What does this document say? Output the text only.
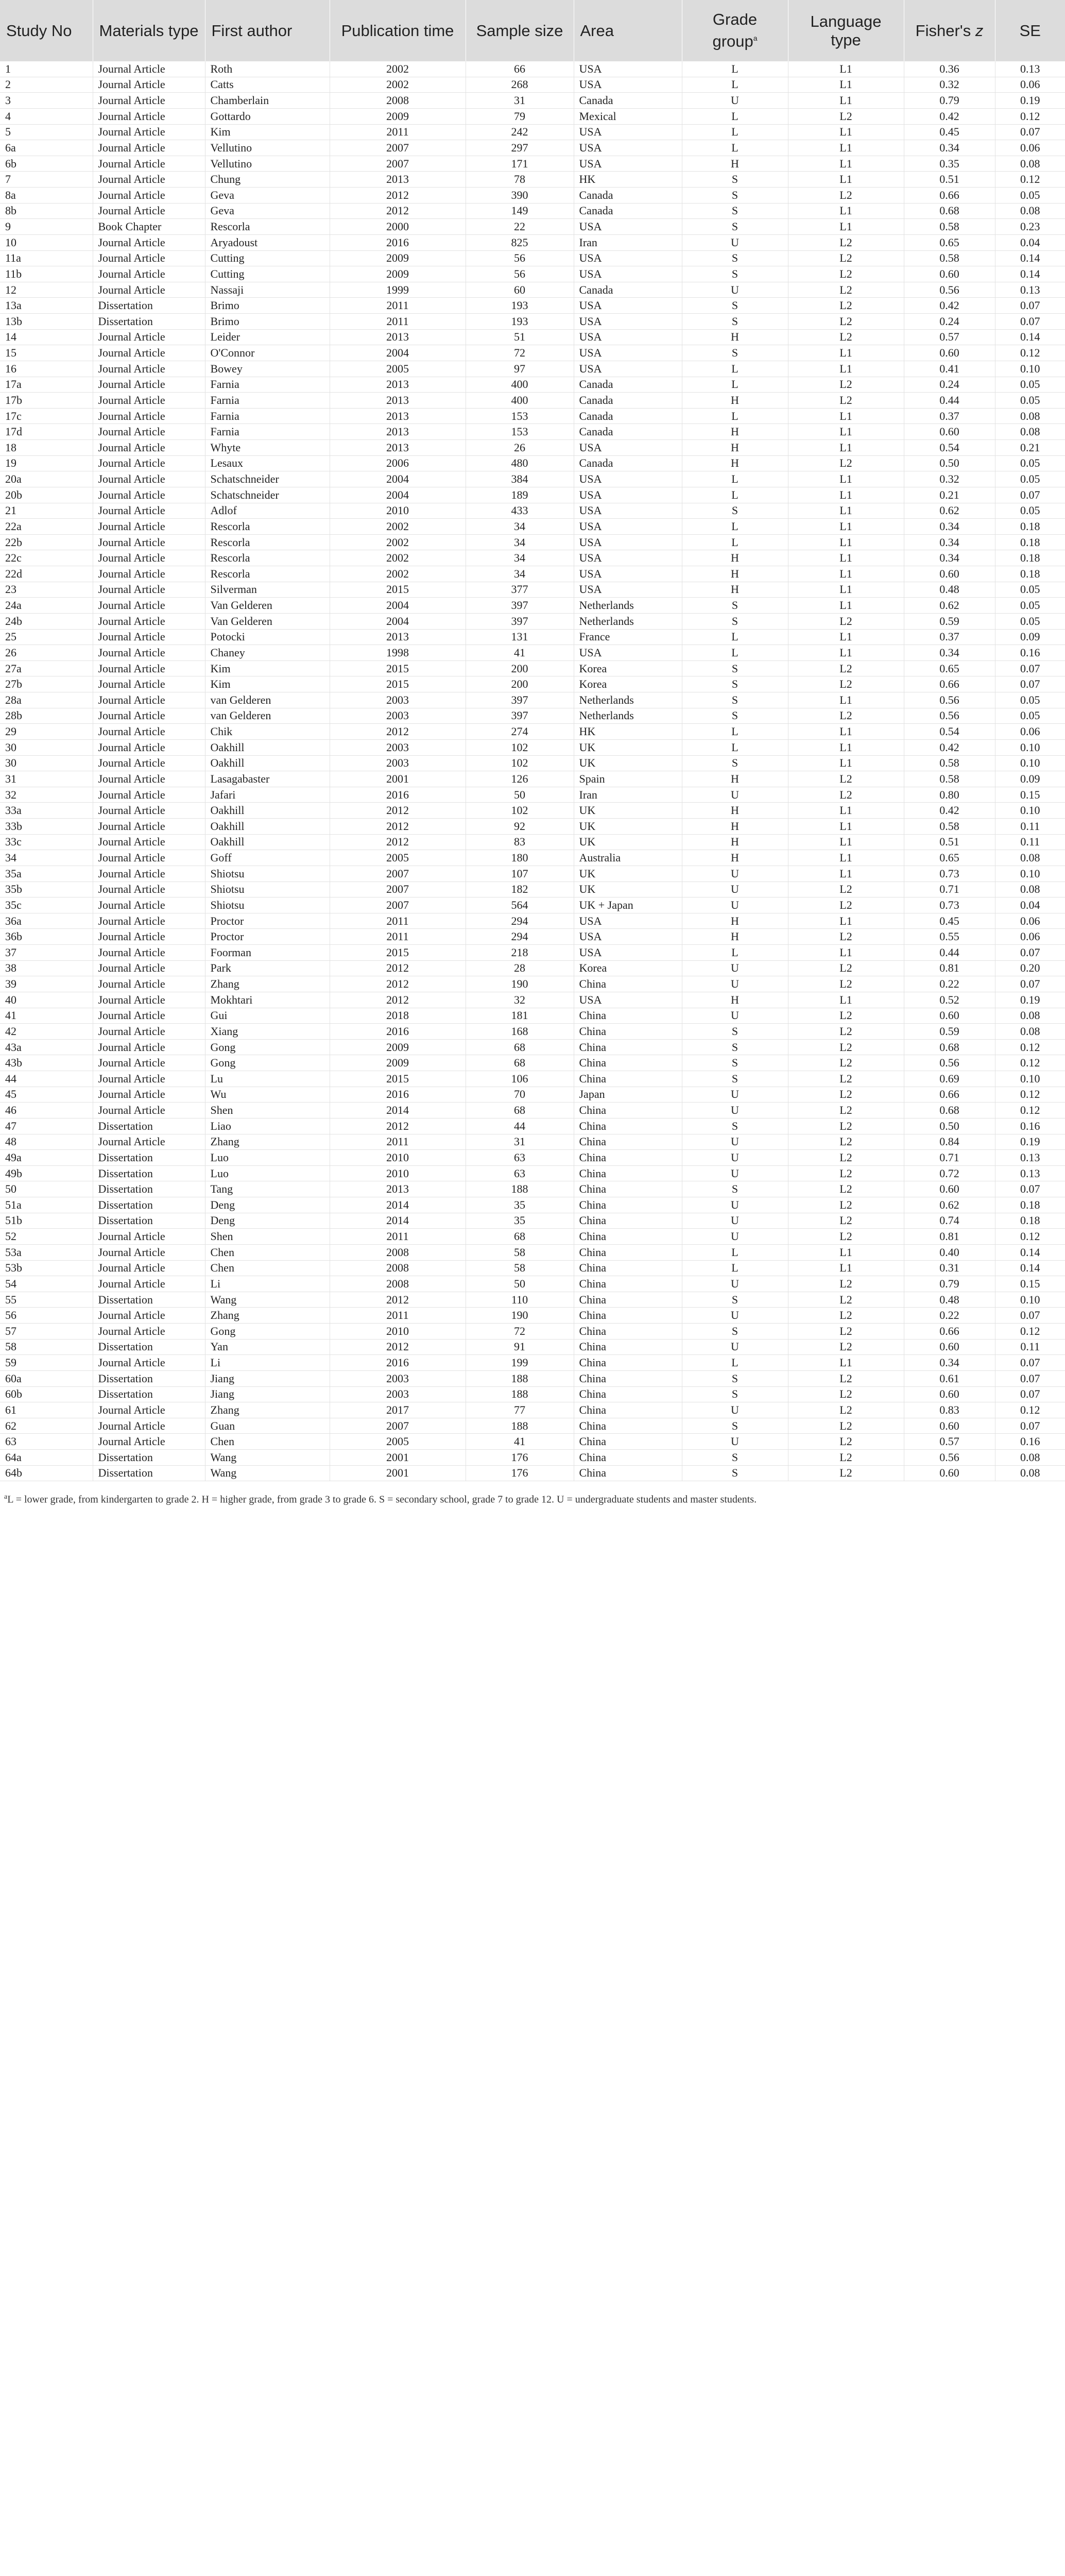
Study No	Materials type	First author	Publication time	Sample size	Area	Grade group$^a$	Language type	Fisher's z	SE
1	Journal Article	Roth	2002	66	USA	L	L1	0.36	0.13
2	Journal Article	Catts	2002	268	USA	L	L1	0.32	0.06
3	Journal Article	Chamberlain	2008	31	Canada	U	L1	0.79	0.19
4	Journal Article	Gottardo	2009	79	Mexical	L	L2	0.42	0.12
5	Journal Article	Kim	2011	242	USA	L	L1	0.45	0.07
6a	Journal Article	Vellutino	2007	297	USA	L	L1	0.34	0.06
6b	Journal Article	Vellutino	2007	171	USA	H	L1	0.35	0.08
7	Journal Article	Chung	2013	78	HK	S	L1	0.51	0.12
8a	Journal Article	Geva	2012	390	Canada	S	L2	0.66	0.05
8b	Journal Article	Geva	2012	149	Canada	S	L1	0.68	0.08
9	Book Chapter	Rescorla	2000	22	USA	S	L1	0.58	0.23
10	Journal Article	Aryadoust	2016	825	Iran	U	L2	0.65	0.04
11a	Journal Article	Cutting	2009	56	USA	S	L2	0.58	0.14
11b	Journal Article	Cutting	2009	56	USA	S	L2	0.60	0.14
12	Journal Article	Nassaji	1999	60	Canada	U	L2	0.56	0.13
13a	Dissertation	Brimo	2011	193	USA	S	L2	0.42	0.07
13b	Dissertation	Brimo	2011	193	USA	S	L2	0.24	0.07
14	Journal Article	Leider	2013	51	USA	H	L2	0.57	0.14
15	Journal Article	O'Connor	2004	72	USA	S	L1	0.60	0.12
16	Journal Article	Bowey	2005	97	USA	L	L1	0.41	0.10
17a	Journal Article	Farnia	2013	400	Canada	L	L2	0.24	0.05
17b	Journal Article	Farnia	2013	400	Canada	H	L2	0.44	0.05
17c	Journal Article	Farnia	2013	153	Canada	L	L1	0.37	0.08
17d	Journal Article	Farnia	2013	153	Canada	H	L1	0.60	0.08
18	Journal Article	Whyte	2013	26	USA	H	L1	0.54	0.21
19	Journal Article	Lesaux	2006	480	Canada	H	L2	0.50	0.05
20a	Journal Article	Schatschneider	2004	384	USA	L	L1	0.32	0.05
20b	Journal Article	Schatschneider	2004	189	USA	L	L1	0.21	0.07
21	Journal Article	Adlof	2010	433	USA	S	L1	0.62	0.05
22a	Journal Article	Rescorla	2002	34	USA	L	L1	0.34	0.18
22b	Journal Article	Rescorla	2002	34	USA	L	L1	0.34	0.18
22c	Journal Article	Rescorla	2002	34	USA	H	L1	0.34	0.18
22d	Journal Article	Rescorla	2002	34	USA	H	L1	0.60	0.18
23	Journal Article	Silverman	2015	377	USA	H	L1	0.48	0.05
24a	Journal Article	Van Gelderen	2004	397	Netherlands	S	L1	0.62	0.05
24b	Journal Article	Van Gelderen	2004	397	Netherlands	S	L2	0.59	0.05
25	Journal Article	Potocki	2013	131	France	L	L1	0.37	0.09
26	Journal Article	Chaney	1998	41	USA	L	L1	0.34	0.16
27a	Journal Article	Kim	2015	200	Korea	S	L2	0.65	0.07
27b	Journal Article	Kim	2015	200	Korea	S	L2	0.66	0.07
28a	Journal Article	van Gelderen	2003	397	Netherlands	S	L1	0.56	0.05
28b	Journal Article	van Gelderen	2003	397	Netherlands	S	L2	0.56	0.05
29	Journal Article	Chik	2012	274	HK	L	L1	0.54	0.06
30	Journal Article	Oakhill	2003	102	UK	L	L1	0.42	0.10
30	Journal Article	Oakhill	2003	102	UK	S	L1	0.58	0.10
31	Journal Article	Lasagabaster	2001	126	Spain	H	L2	0.58	0.09
32	Journal Article	Jafari	2016	50	Iran	U	L2	0.80	0.15
33a	Journal Article	Oakhill	2012	102	UK	H	L1	0.42	0.10
33b	Journal Article	Oakhill	2012	92	UK	H	L1	0.58	0.11
33c	Journal Article	Oakhill	2012	83	UK	H	L1	0.51	0.11
34	Journal Article	Goff	2005	180	Australia	H	L1	0.65	0.08
35a	Journal Article	Shiotsu	2007	107	UK	U	L1	0.73	0.10
35b	Journal Article	Shiotsu	2007	182	UK	U	L2	0.71	0.08
35c	Journal Article	Shiotsu	2007	564	UK + Japan	U	L2	0.73	0.04
36a	Journal Article	Proctor	2011	294	USA	H	L1	0.45	0.06
36b	Journal Article	Proctor	2011	294	USA	H	L2	0.55	0.06
37	Journal Article	Foorman	2015	218	USA	L	L1	0.44	0.07
38	Journal Article	Park	2012	28	Korea	U	L2	0.81	0.20
39	Journal Article	Zhang	2012	190	China	U	L2	0.22	0.07
40	Journal Article	Mokhtari	2012	32	USA	H	L1	0.52	0.19
41	Journal Article	Gui	2018	181	China	U	L2	0.60	0.08
42	Journal Article	Xiang	2016	168	China	S	L2	0.59	0.08
43a	Journal Article	Gong	2009	68	China	S	L2	0.68	0.12
43b	Journal Article	Gong	2009	68	China	S	L2	0.56	0.12
44	Journal Article	Lu	2015	106	China	S	L2	0.69	0.10
45	Journal Article	Wu	2016	70	Japan	U	L2	0.66	0.12
46	Journal Article	Shen	2014	68	China	U	L2	0.68	0.12
47	Dissertation	Liao	2012	44	China	S	L2	0.50	0.16
48	Journal Article	Zhang	2011	31	China	U	L2	0.84	0.19
49a	Dissertation	Luo	2010	63	China	U	L2	0.71	0.13
49b	Dissertation	Luo	2010	63	China	U	L2	0.72	0.13
50	Dissertation	Tang	2013	188	China	S	L2	0.60	0.07
51a	Dissertation	Deng	2014	35	China	U	L2	0.62	0.18
51b	Dissertation	Deng	2014	35	China	U	L2	0.74	0.18
52	Journal Article	Shen	2011	68	China	U	L2	0.81	0.12
53a	Journal Article	Chen	2008	58	China	L	L1	0.40	0.14
53b	Journal Article	Chen	2008	58	China	L	L1	0.31	0.14
54	Journal Article	Li	2008	50	China	U	L2	0.79	0.15
55	Dissertation	Wang	2012	110	China	S	L2	0.48	0.10
56	Journal Article	Zhang	2011	190	China	U	L2	0.22	0.07
57	Journal Article	Gong	2010	72	China	S	L2	0.66	0.12
58	Dissertation	Yan	2012	91	China	U	L2	0.60	0.11
59	Journal Article	Li	2016	199	China	L	L1	0.34	0.07
60a	Dissertation	Jiang	2003	188	China	S	L2	0.61	0.07
60b	Dissertation	Jiang	2003	188	China	S	L2	0.60	0.07
61	Journal Article	Zhang	2017	77	China	U	L2	0.83	0.12
62	Journal Article	Guan	2007	188	China	S	L2	0.60	0.07
63	Journal Article	Chen	2005	41	China	U	L2	0.57	0.16
64a	Dissertation	Wang	2001	176	China	S	L2	0.56	0.08
64b	Dissertation	Wang	2001	176	China	S	L2	0.60	0.08
$^a$L = lower grade, from kindergarten to grade 2. H = higher grade, from grade 3 to grade 6. S = secondary school, grade 7 to grade 12. U = undergraduate students and master students.
